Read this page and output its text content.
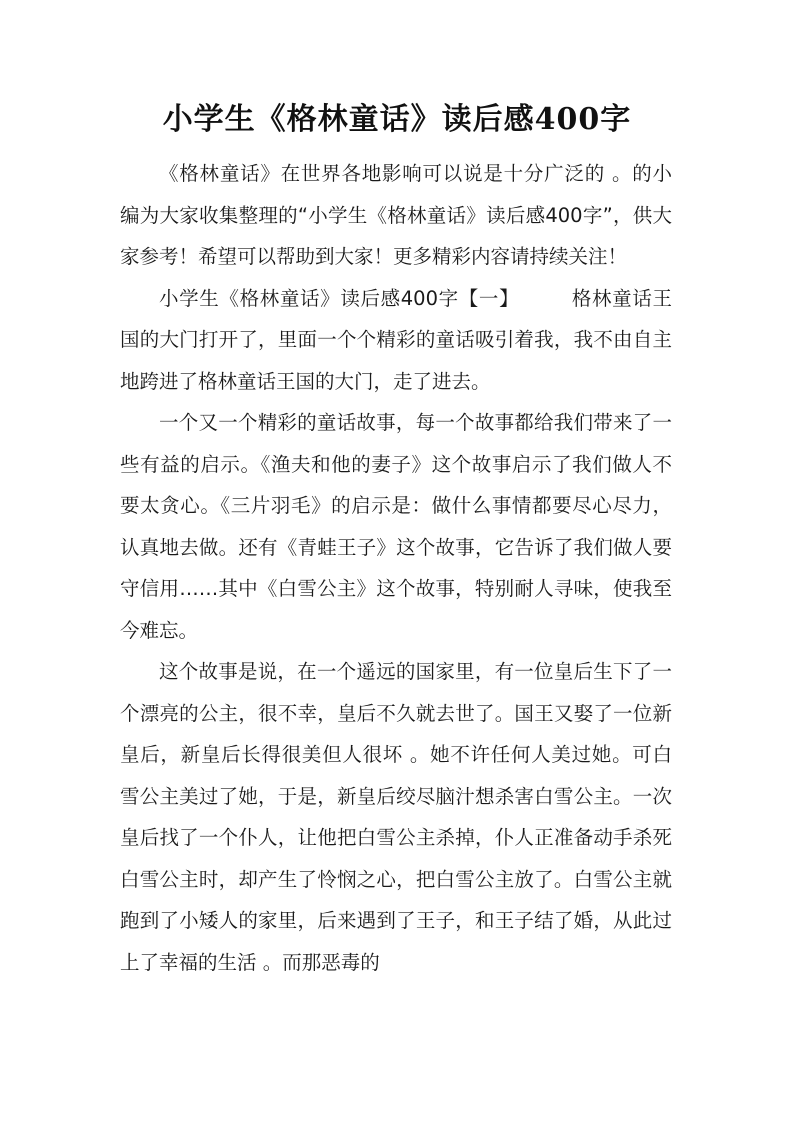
小学生《格林童话》读后感400字

《格林童话》在世界各地影响可以说是十分广泛的 。的小编为大家收集整理的“小学生《格林童话》读后感400字”，供大家参考！希望可以帮助到大家！更多精彩内容请持续关注！

小学生《格林童话》读后感400字【一】	格林童话王国的大门打开了，里面一个个精彩的童话吸引着我，我不由自主地跨进了格林童话王国的大门，走了进去。

一个又一个精彩的童话故事，每一个故事都给我们带来了一些有益的启示。《渔夫和他的妻子》这个故事启示了我们做人不要太贪心。《三片羽毛》的启示是：做什么事情都要尽心尽力，认真地去做。还有《青蛙王子》这个故事，它告诉了我们做人要守信用……其中《白雪公主》这个故事，特别耐人寻味，使我至今难忘。

这个故事是说，在一个遥远的国家里，有一位皇后生下了一个漂亮的公主，很不幸，皇后不久就去世了。国王又娶了一位新皇后，新皇后长得很美但人很坏 。她不许任何人美过她。可白雪公主美过了她，于是，新皇后绞尽脑汁想杀害白雪公主。一次皇后找了一个仆人，让他把白雪公主杀掉，仆人正准备动手杀死白雪公主时，却产生了怜悯之心，把白雪公主放了。白雪公主就跑到了小矮人的家里，后来遇到了王子，和王子结了婚，从此过上了幸福的生活 。而那恶毒的
